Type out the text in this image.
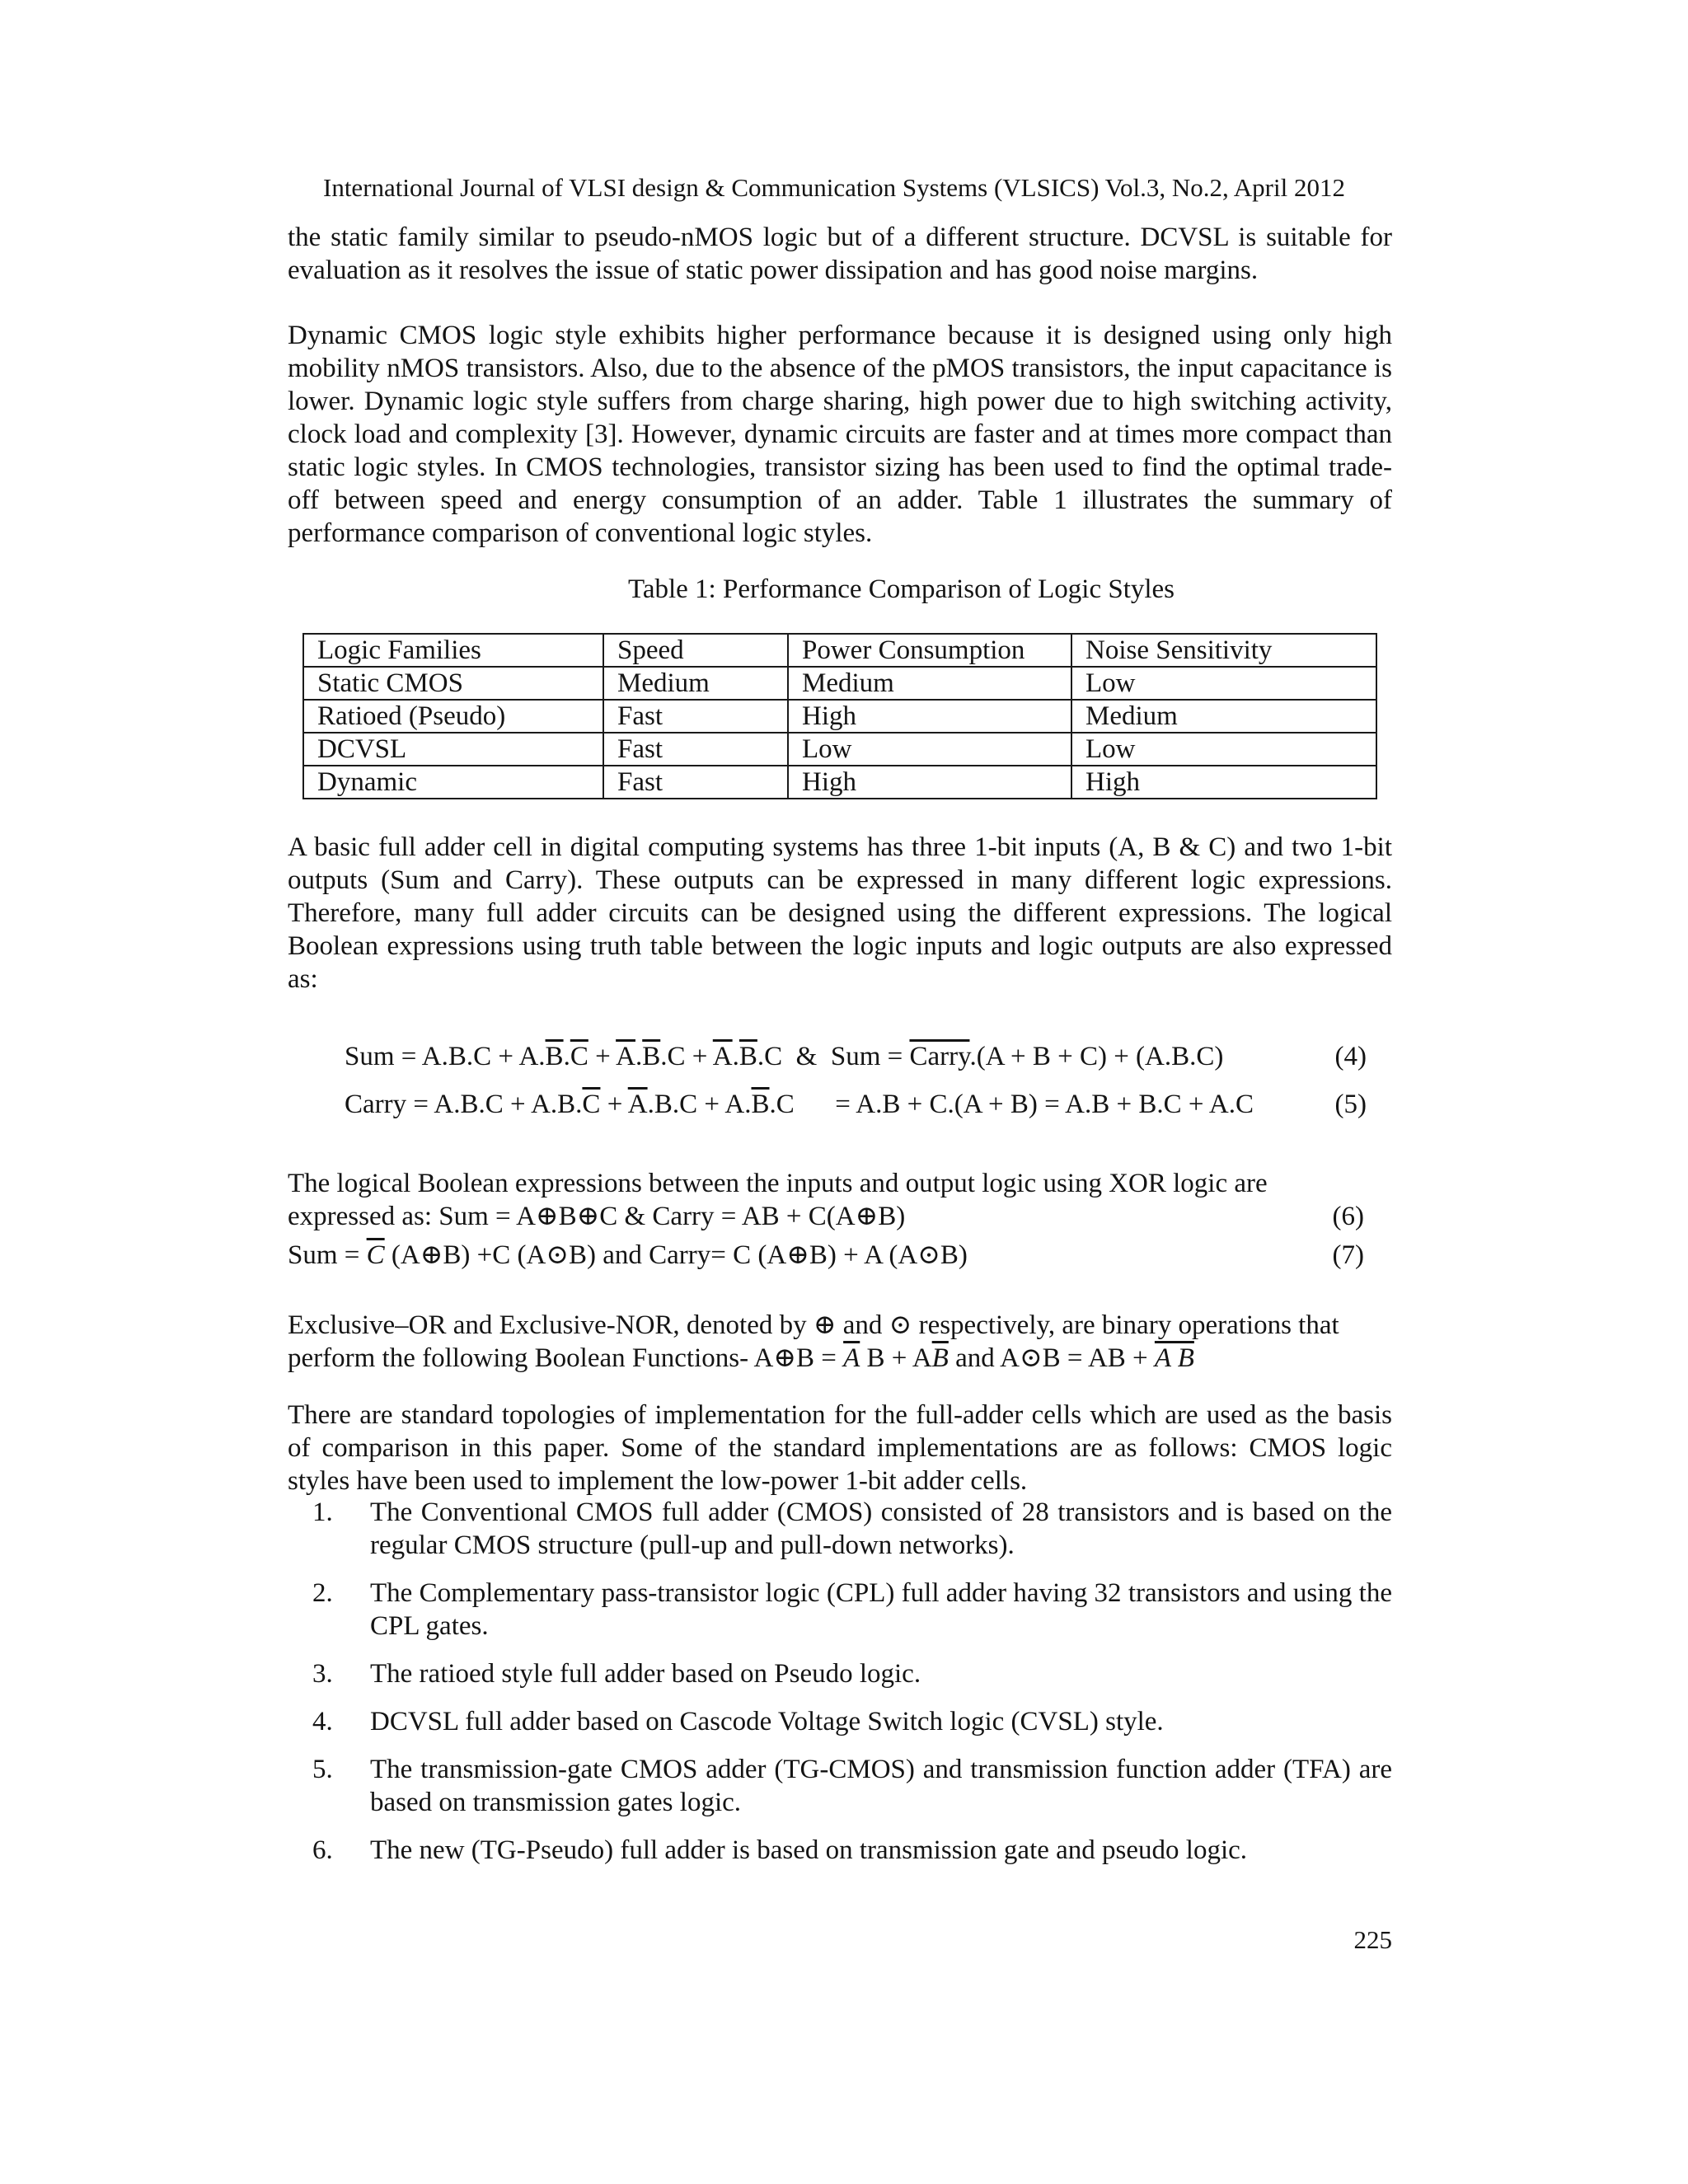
International Journal of VLSI design & Communication Systems (VLSICS) Vol.3, No.2, April 2012

the static family similar to pseudo-nMOS logic but of a different structure. DCVSL is suitable for evaluation as it resolves the issue of static power dissipation and has good noise margins.

Dynamic CMOS logic style exhibits higher performance because it is designed using only high mobility nMOS transistors. Also, due to the absence of the pMOS transistors, the input capacitance is lower. Dynamic logic style suffers from charge sharing, high power due to high switching activity, clock load and complexity [3]. However, dynamic circuits are faster and at times more compact than static logic styles. In CMOS technologies, transistor sizing has been used to find the optimal trade-off between speed and energy consumption of an adder. Table 1 illustrates the summary of performance comparison of conventional logic styles.

Table 1: Performance Comparison of Logic Styles
Logic Families	Speed	Power Consumption	Noise Sensitivity
Static CMOS	Medium	Medium	Low
Ratioed (Pseudo)	Fast	High	Medium
DCVSL	Fast	Low	Low
Dynamic	Fast	High	High

A basic full adder cell in digital computing systems has three 1-bit inputs (A, B & C) and two 1-bit outputs (Sum and Carry). These outputs can be expressed in many different logic expressions. Therefore, many full adder circuits can be designed using the different expressions. The logical Boolean expressions using truth table between the logic inputs and logic outputs are also expressed as:

Sum = $A.B.C + A.\overline{B}.\overline{C} + \overline{A}.\overline{B}.C + \overline{A}.\overline{B}.C$  &  Sum = Carry.(A + B + C) + (A.B.C)	(4)
Carry = $A.B.C + A.B.\overline{C} + \overline{A}.B.C + A.\overline{B}.C$      = A.B + C.(A + B) = A.B + B.C + A.C	(5)

The logical Boolean expressions between the inputs and output logic using XOR logic are

expressed as: Sum = A⊕B⊕C & Carry = AB + C(A⊕B)	(6)
Sum = $\overline{C}$ (A⊕B) +C (A⊙B) and Carry= C (A⊕B) + A (A⊙B)	(7)
Exclusive–OR and Exclusive-NOR, denoted by ⊕ and ⊙ respectively, are binary operations that
perform the following Boolean Functions- A⊕B = $\overline{A}$ $B + A\overline{B}$ and A⊙B = AB + A B

There are standard topologies of implementation for the full-adder cells which are used as the basis of comparison in this paper. Some of the standard implementations are as follows: CMOS logic styles have been used to implement the low-power 1-bit adder cells.

1. The Conventional CMOS full adder (CMOS) consisted of 28 transistors and is based on the regular CMOS structure (pull-up and pull-down networks).
2. The Complementary pass-transistor logic (CPL) full adder having 32 transistors and using the CPL gates.
3. The ratioed style full adder based on Pseudo logic.
4. DCVSL full adder based on Cascode Voltage Switch logic (CVSL) style.
5. The transmission-gate CMOS adder (TG-CMOS) and transmission function adder (TFA) are based on transmission gates logic.
6. The new (TG-Pseudo) full adder is based on transmission gate and pseudo logic.
225
